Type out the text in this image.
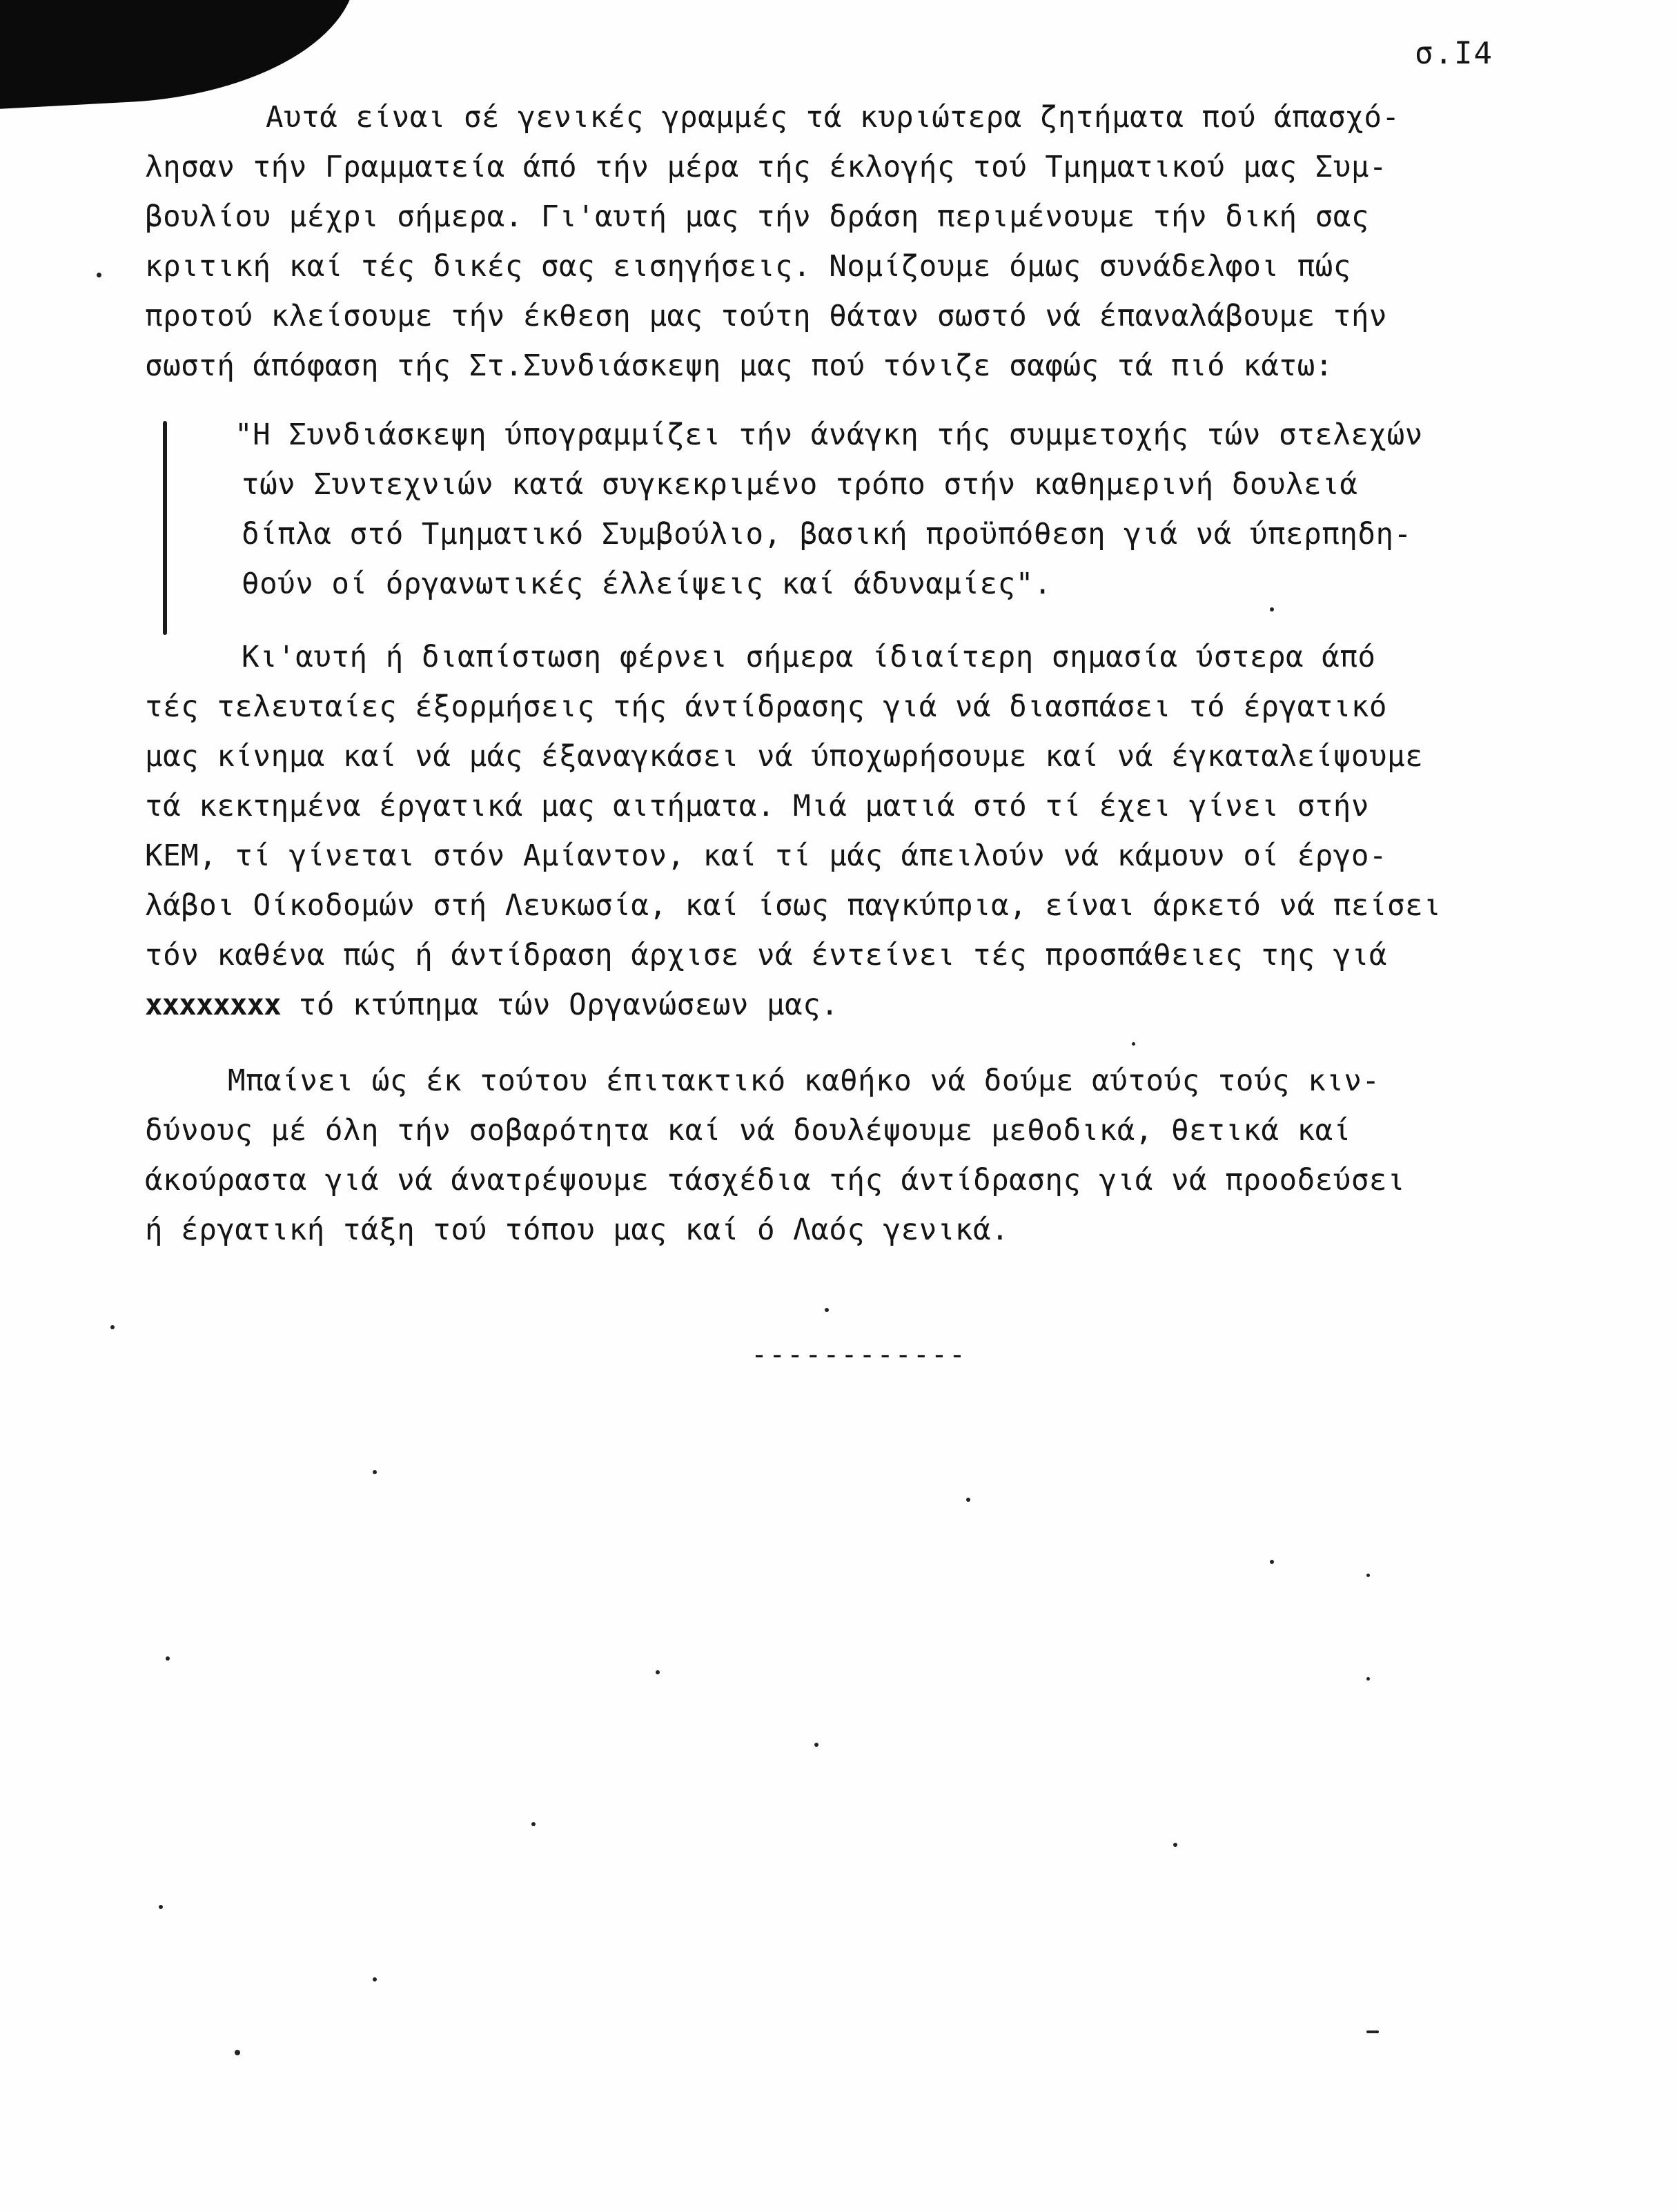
σ.Ι4
Αυτά είναι σέ γενικές γραμμές τά κυριώτερα ζητήματα πού άπασχό-
λησαν τήν Γραμματεία άπό τήν μέρα τής έκλογής τού Τμηματικού μας Συμ-
βουλίου μέχρι σήμερα. Γι'αυτή μας τήν δράση περιμένουμε τήν δική σας
κριτική καί τές δικές σας εισηγήσεις. Νομίζουμε όμως συνάδελφοι πώς
προτού κλείσουμε τήν έκθεση μας τούτη θάταν σωστό νά έπαναλάβουμε τήν
σωστή άπόφαση τής Στ.Συνδιάσκεψη μας πού τόνιζε σαφώς τά πιό κάτω:
"Η Συνδιάσκεψη ύπογραμμίζει τήν άνάγκη τής συμμετοχής τών στελεχών
τών Συντεχνιών κατά συγκεκριμένο τρόπο στήν καθημερινή δουλειά
δίπλα στό Τμηματικό Συμβούλιο, βασική προϋπόθεση γιά νά ύπερπηδη-
θούν οί όργανωτικές έλλείψεις καί άδυναμίες".
Κι'αυτή ή διαπίστωση φέρνει σήμερα ίδιαίτερη σημασία ύστερα άπό
τές τελευταίες έξορμήσεις τής άντίδρασης γιά νά διασπάσει τό έργατικό
μας κίνημα καί νά μάς έξαναγκάσει νά ύποχωρήσουμε καί νά έγκαταλείψουμε
τά κεκτημένα έργατικά μας αιτήματα. Μιά ματιά στό τί έχει γίνει στήν
ΚΕΜ, τί γίνεται στόν Αμίαντον, καί τί μάς άπειλούν νά κάμουν οί έργο-
λάβοι Οίκοδομών στή Λευκωσία, καί ίσως παγκύπρια, είναι άρκετό νά πείσει
τόν καθένα πώς ή άντίδραση άρχισε νά έντείνει τές προσπάθειες της γιά
xxxxxxxx τό κτύπημα τών Οργανώσεων μας.
Μπαίνει ώς έκ τούτου έπιτακτικό καθήκο νά δούμε αύτούς τούς κιν-
δύνους μέ όλη τήν σοβαρότητα καί νά δουλέψουμε μεθοδικά, θετικά καί
άκούραστα γιά νά άνατρέψουμε τάσχέδια τής άντίδρασης γιά νά προοδεύσει
ή έργατική τάξη τού τόπου μας καί ό Λαός γενικά.
------------
